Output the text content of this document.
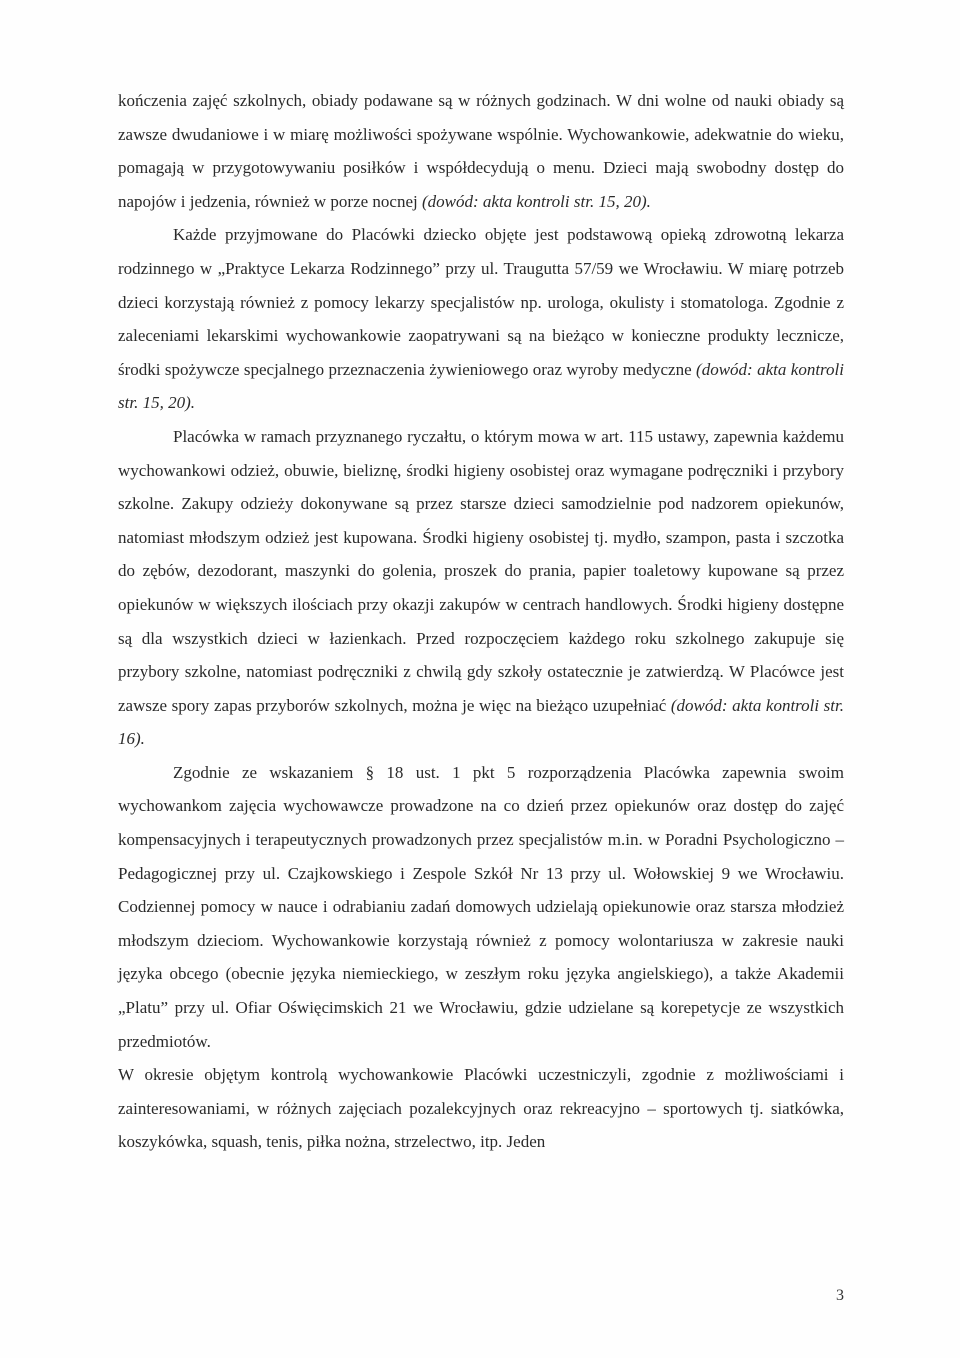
kończenia zajęć szkolnych, obiady podawane są w różnych godzinach. W dni wolne od nauki obiady są zawsze dwudaniowe i w miarę możliwości spożywane wspólnie. Wychowankowie, adekwatnie do wieku, pomagają w przygotowywaniu posiłków i współdecydują o menu. Dzieci mają swobodny dostęp do napojów i jedzenia, również w porze nocnej (dowód: akta kontroli str. 15, 20).

Każde przyjmowane do Placówki dziecko objęte jest podstawową opieką zdrowotną lekarza rodzinnego w „Praktyce Lekarza Rodzinnego” przy ul. Traugutta 57/59 we Wrocławiu. W miarę potrzeb dzieci korzystają również z pomocy lekarzy specjalistów np. urologa, okulisty i stomatologa. Zgodnie z zaleceniami lekarskimi wychowankowie zaopatrywani są na bieżąco w konieczne produkty lecznicze, środki spożywcze specjalnego przeznaczenia żywieniowego oraz wyroby medyczne (dowód: akta kontroli str. 15, 20).

Placówka w ramach przyznanego ryczałtu, o którym mowa w art. 115 ustawy, zapewnia każdemu wychowankowi odzież, obuwie, bieliznę, środki higieny osobistej oraz wymagane podręczniki i przybory szkolne. Zakupy odzieży dokonywane są przez starsze dzieci samodzielnie pod nadzorem opiekunów, natomiast młodszym odzież jest kupowana. Środki higieny osobistej tj. mydło, szampon, pasta i szczotka do zębów, dezodorant, maszynki do golenia, proszek do prania, papier toaletowy kupowane są przez opiekunów w większych ilościach przy okazji zakupów w centrach handlowych. Środki higieny dostępne są dla wszystkich dzieci w łazienkach. Przed rozpoczęciem każdego roku szkolnego zakupuje się przybory szkolne, natomiast podręczniki z chwilą gdy szkoły ostatecznie je zatwierdzą. W Placówce jest zawsze spory zapas przyborów szkolnych, można je więc na bieżąco uzupełniać (dowód: akta kontroli str. 16).

Zgodnie ze wskazaniem § 18 ust. 1 pkt 5 rozporządzenia Placówka zapewnia swoim wychowankom zajęcia wychowawcze prowadzone na co dzień przez opiekunów oraz dostęp do zajęć kompensacyjnych i terapeutycznych prowadzonych przez specjalistów m.in. w Poradni Psychologiczno – Pedagogicznej przy ul. Czajkowskiego i Zespole Szkół Nr 13 przy ul. Wołowskiej 9 we Wrocławiu. Codziennej pomocy w nauce i odrabianiu zadań domowych udzielają opiekunowie oraz starsza młodzież młodszym dzieciom. Wychowankowie korzystają również z pomocy wolontariusza w zakresie nauki języka obcego (obecnie języka niemieckiego, w zeszłym roku języka angielskiego), a także Akademii „Platu” przy ul. Ofiar Oświęcimskich 21 we Wrocławiu, gdzie udzielane są korepetycje ze wszystkich przedmiotów.

W okresie objętym kontrolą wychowankowie Placówki uczestniczyli, zgodnie z możliwościami i zainteresowaniami, w różnych zajęciach pozalekcyjnych oraz rekreacyjno – sportowych tj. siatkówka, koszykówka, squash, tenis, piłka nożna, strzelectwo, itp. Jeden

3
